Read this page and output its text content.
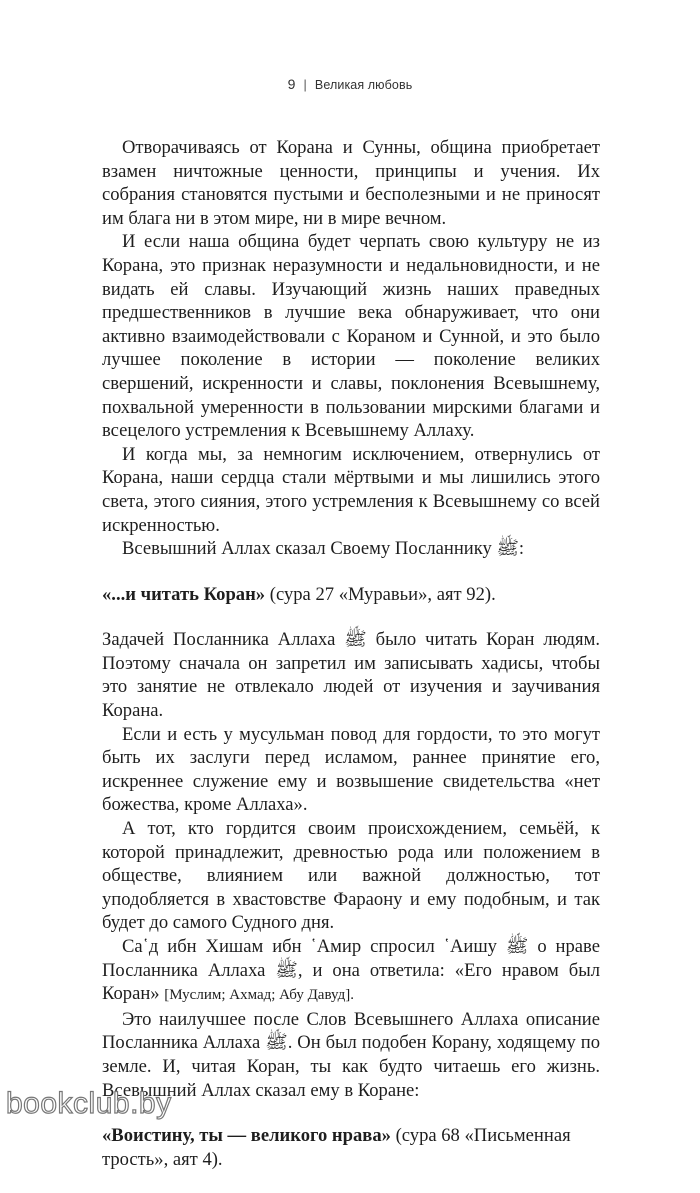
9 | Великая любовь

Отворачиваясь от Корана и Сунны, община приобретает взамен ничтожные ценности, принципы и учения. Их собрания становятся пустыми и бесполезными и не приносят им блага ни в этом мире, ни в мире вечном.

И если наша община будет черпать свою культуру не из Корана, это признак неразумности и недальновидности, и не видать ей славы. Изучающий жизнь наших праведных предшественников в лучшие века обнаруживает, что они активно взаимодействовали с Кораном и Сунной, и это было лучшее поколение в истории — поколение великих свершений, искренности и славы, поклонения Всевышнему, похвальной умеренности в пользовании мирскими благами и всецелого устремления к Всевышнему Аллаху.

И когда мы, за немногим исключением, отвернулись от Корана, наши сердца стали мёртвыми и мы лишились этого света, этого сияния, этого устремления к Всевышнему со всей искренностью.

Всевышний Аллах сказал Своему Посланнику ﷺ:

«...и читать Коран» (сура 27 «Муравьи», аят 92).

Задачей Посланника Аллаха ﷺ было читать Коран людям. Поэтому сначала он запретил им записывать хадисы, чтобы это занятие не отвлекало людей от изучения и заучивания Корана.

Если и есть у мусульман повод для гордости, то это могут быть их заслуги перед исламом, раннее принятие его, искреннее служение ему и возвышение свидетельства «нет божества, кроме Аллаха».

А тот, кто гордится своим происхождением, семьёй, к которой принадлежит, древностью рода или положением в обществе, влиянием или важной должностью, тот уподобляется в хвастовстве Фараону и ему подобным, и так будет до самого Судного дня.

Са῾д ибн Хишам ибн ῾Амир спросил ῾Аишу ﷺ о нраве Посланника Аллаха ﷺ, и она ответила: «Его нравом был Коран» [Муслим; Ахмад; Абу Давуд].

Это наилучшее после Слов Всевышнего Аллаха описание Посланника Аллаха ﷺ. Он был подобен Корану, ходящему по земле. И, читая Коран, ты как будто читаешь его жизнь. Всевышний Аллах сказал ему в Коране:

«Воистину, ты — великого нрава» (сура 68 «Письменная трость», аят 4).

bookclub.by
